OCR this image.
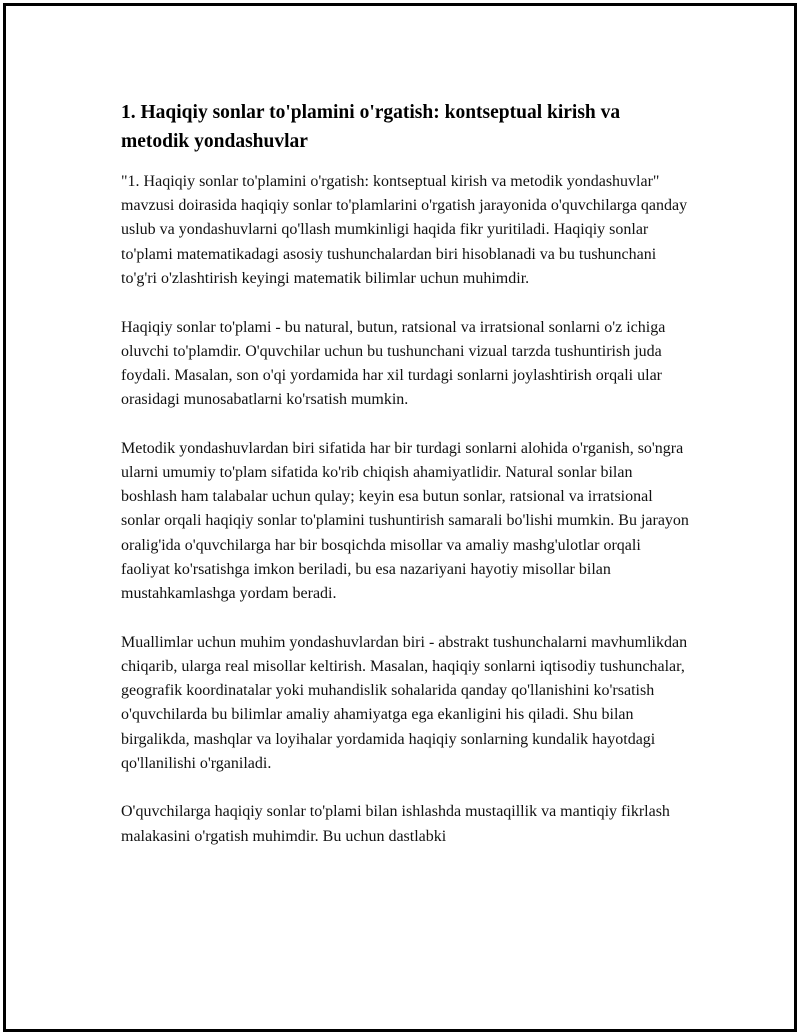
1. Haqiqiy sonlar to'plamini o'rgatish: kontseptual kirish va metodik yondashuvlar

"1. Haqiqiy sonlar to'plamini o'rgatish: kontseptual kirish va metodik yondashuvlar" mavzusi doirasida haqiqiy sonlar to'plamlarini o'rgatish jarayonida o'quvchilarga qanday uslub va yondashuvlarni qo'llash mumkinligi haqida fikr yuritiladi. Haqiqiy sonlar to'plami matematikadagi asosiy tushunchalardan biri hisoblanadi va bu tushunchani to'g'ri o'zlashtirish keyingi matematik bilimlar uchun muhimdir.

Haqiqiy sonlar to'plami - bu natural, butun, ratsional va irratsional sonlarni o'z ichiga oluvchi to'plamdir. O'quvchilar uchun bu tushunchani vizual tarzda tushuntirish juda foydali. Masalan, son o'qi yordamida har xil turdagi sonlarni joylashtirish orqali ular orasidagi munosabatlarni ko'rsatish mumkin.

Metodik yondashuvlardan biri sifatida har bir turdagi sonlarni alohida o'rganish, so'ngra ularni umumiy to'plam sifatida ko'rib chiqish ahamiyatlidir. Natural sonlar bilan boshlash ham talabalar uchun qulay; keyin esa butun sonlar, ratsional va irratsional sonlar orqali haqiqiy sonlar to'plamini tushuntirish samarali bo'lishi mumkin. Bu jarayon oralig'ida o'quvchilarga har bir bosqichda misollar va amaliy mashg'ulotlar orqali faoliyat ko'rsatishga imkon beriladi, bu esa nazariyani hayotiy misollar bilan mustahkamlashga yordam beradi.

Muallimlar uchun muhim yondashuvlardan biri - abstrakt tushunchalarni mavhumlikdan chiqarib, ularga real misollar keltirish. Masalan, haqiqiy sonlarni iqtisodiy tushunchalar, geografik koordinatalar yoki muhandislik sohalarida qanday qo'llanishini ko'rsatish o'quvchilarda bu bilimlar amaliy ahamiyatga ega ekanligini his qiladi. Shu bilan birgalikda, mashqlar va loyihalar yordamida haqiqiy sonlarning kundalik hayotdagi qo'llanilishi o'rganiladi.

O'quvchilarga haqiqiy sonlar to'plami bilan ishlashda mustaqillik va mantiqiy fikrlash malakasini o'rgatish muhimdir. Bu uchun dastlabki
